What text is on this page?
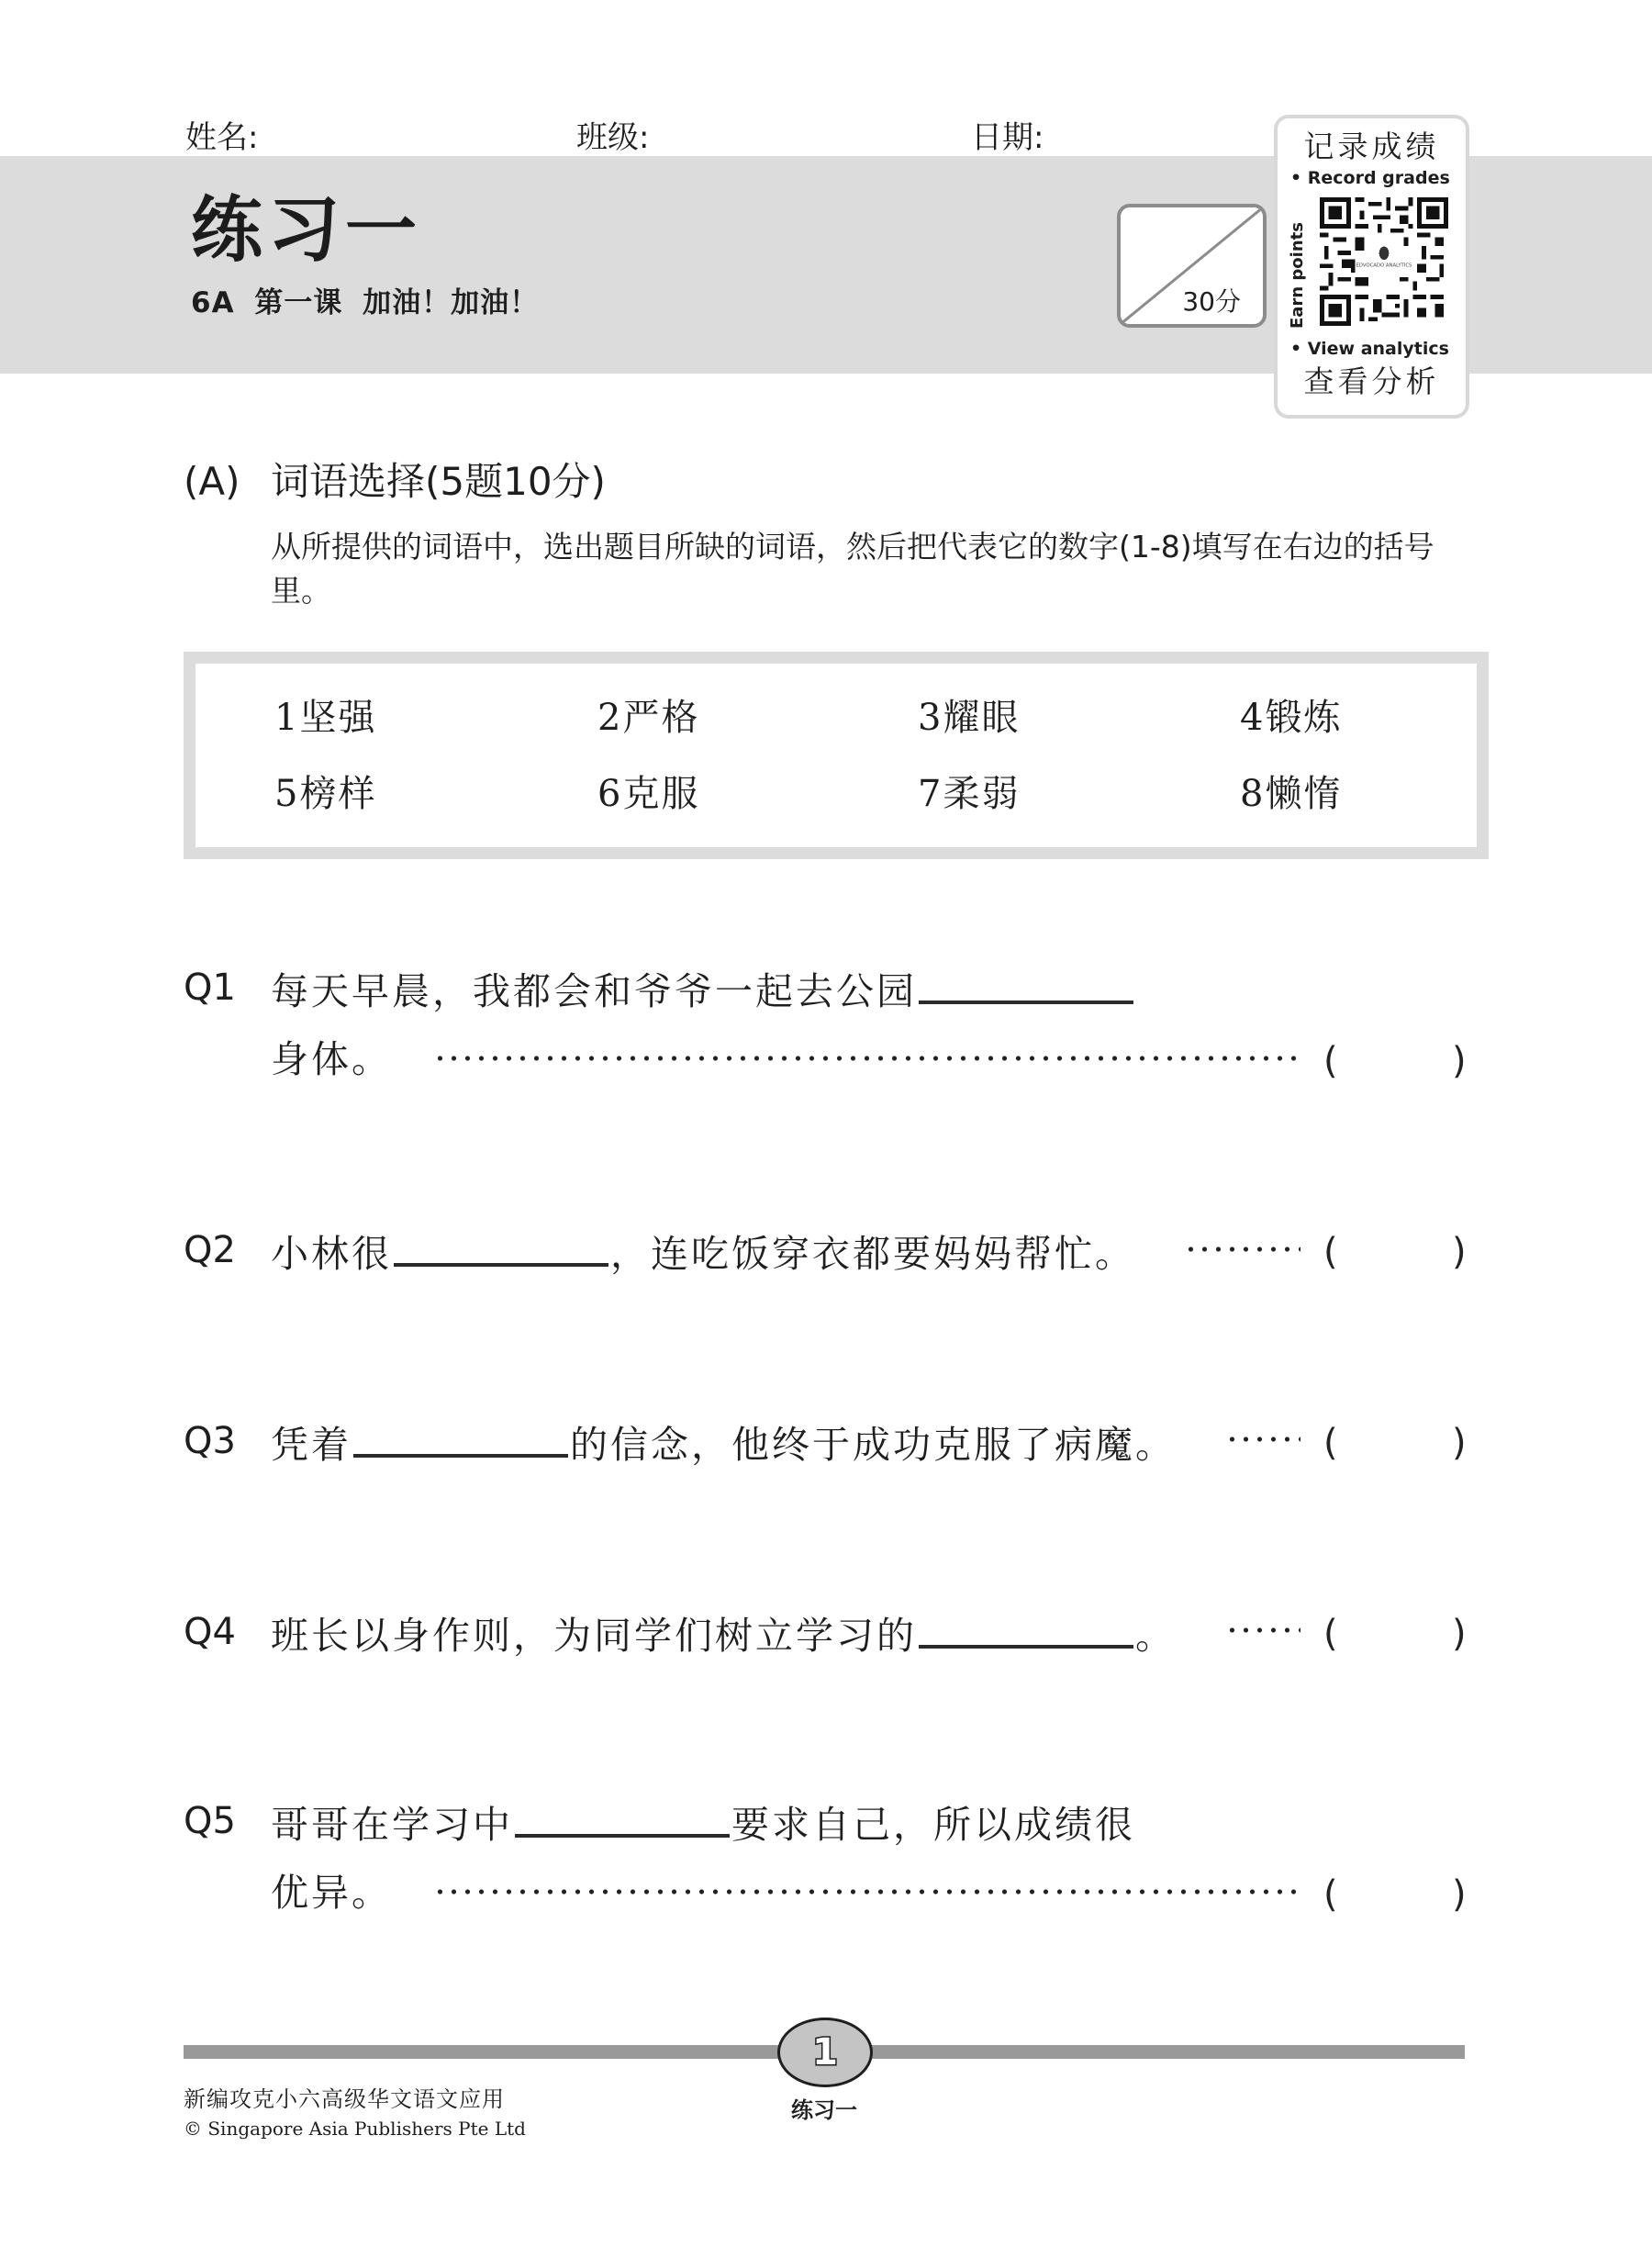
姓名:	班级:	日期:
练习一
6A 第一课 加油！加油！	30分
记录成绩
• Record grades
Earn points	EDVOCADO ANALYTICS
• View analytics
查看分析
(A) 词语选择(5题10分)
从所提供的词语中，选出题目所缺的词语，然后把代表它的数字(1-8)填写在右边的括号里。
1坚强	2严格	3耀眼	4锻炼
5榜样	6克服	7柔弱	8懒惰
Q1 每天早晨，我都会和爷爷一起去公园
身体。	(	)
Q2 小林很	，连吃饭穿衣都要妈妈帮忙。	(	)
Q3 凭着	的信念，他终于成功克服了病魔。	(	)
Q4 班长以身作则，为同学们树立学习的	。	(	)
Q5 哥哥在学习中	要求自己，所以成绩很
优异。	(	)
1
练习一
新编攻克小六高级华文语文应用
© Singapore Asia Publishers Pte Ltd
